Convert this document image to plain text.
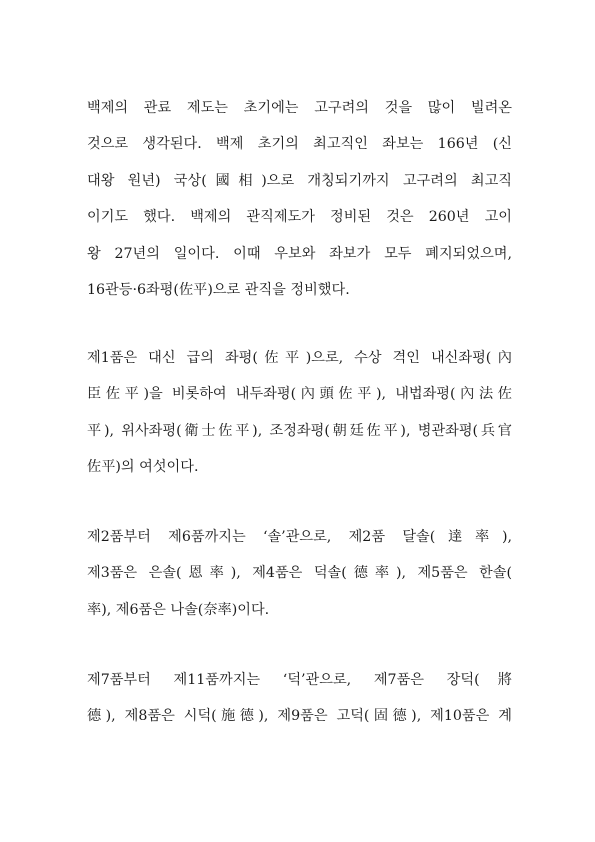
백제의 관료 제도는 초기에는 고구려의 것을 많이 빌려온
것으로 생각된다. 백제 초기의 최고직인 좌보는 166년 (신
대왕 원년) 국상(國相)으로 개칭되기까지 고구려의 최고직
이기도 했다. 백제의 관직제도가 정비된 것은 260년 고이
왕 27년의 일이다. 이때 우보와 좌보가 모두 폐지되었으며,
16관등·6좌평(佐平)으로 관직을 정비했다.
제1품은 대신 급의 좌평(佐平)으로, 수상 격인 내신좌평(內
臣佐平)을 비롯하여 내두좌평(內頭佐平), 내법좌평(內法佐
平), 위사좌평(衛士佐平), 조정좌평(朝廷佐平), 병관좌평(兵官
佐平)의 여섯이다.
제2품부터 제6품까지는 ‘솔’관으로, 제2품 달솔(達率),
제3품은 은솔(恩率), 제4품은 덕솔(德率), 제5품은 한솔(
率), 제6품은 나솔(奈率)이다.
제7품부터 제11품까지는 ‘덕’관으로, 제7품은 장덕(將
德), 제8품은 시덕(施德), 제9품은 고덕(固德), 제10품은 계
